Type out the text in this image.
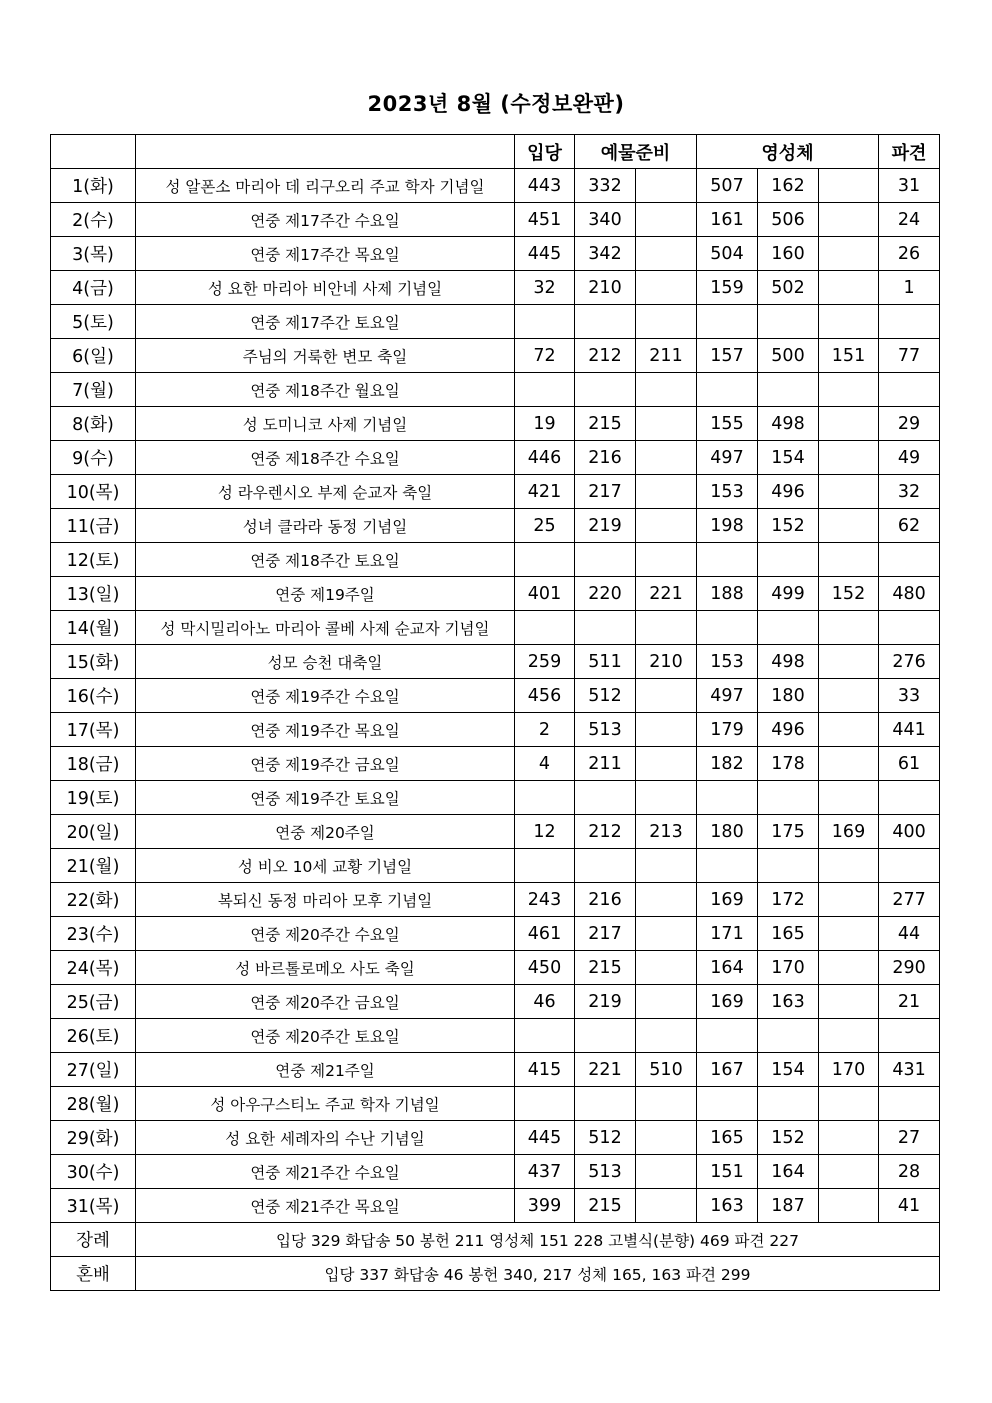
2023년 8월 (수정보완판)
		입당	예물준비		영성체			파견
1(화)	성 알폰소 마리아 데 리구오리 주교 학자 기념일	443	332		507	162		31
2(수)	연중 제17주간 수요일	451	340		161	506		24
3(목)	연중 제17주간 목요일	445	342		504	160		26
4(금)	성 요한 마리아 비안네 사제 기념일	32	210		159	502		1
5(토)	연중 제17주간 토요일							
6(일)	주님의 거룩한 변모 축일	72	212	211	157	500	151	77
7(월)	연중 제18주간 월요일							
8(화)	성 도미니코 사제 기념일	19	215		155	498		29
9(수)	연중 제18주간 수요일	446	216		497	154		49
10(목)	성 라우렌시오 부제 순교자 축일	421	217		153	496		32
11(금)	성녀 클라라 동정 기념일	25	219		198	152		62
12(토)	연중 제18주간 토요일							
13(일)	연중 제19주일	401	220	221	188	499	152	480
14(월)	성 막시밀리아노 마리아 콜베 사제 순교자 기념일							
15(화)	성모 승천 대축일	259	511	210	153	498		276
16(수)	연중 제19주간 수요일	456	512		497	180		33
17(목)	연중 제19주간 목요일	2	513		179	496		441
18(금)	연중 제19주간 금요일	4	211		182	178		61
19(토)	연중 제19주간 토요일							
20(일)	연중 제20주일	12	212	213	180	175	169	400
21(월)	성 비오 10세 교황 기념일							
22(화)	복되신 동정 마리아 모후 기념일	243	216		169	172		277
23(수)	연중 제20주간 수요일	461	217		171	165		44
24(목)	성 바르톨로메오 사도 축일	450	215		164	170		290
25(금)	연중 제20주간 금요일	46	219		169	163		21
26(토)	연중 제20주간 토요일							
27(일)	연중 제21주일	415	221	510	167	154	170	431
28(월)	성 아우구스티노 주교 학자 기념일							
29(화)	성 요한 세례자의 수난 기념일	445	512		165	152		27
30(수)	연중 제21주간 수요일	437	513		151	164		28
31(목)	연중 제21주간 목요일	399	215		163	187		41
장례	입당 329 화답송 50 봉헌 211 영성체 151 228 고별식(분향) 469 파견 227							
혼배	입당 337 화답송 46 봉헌 340, 217 성체 165, 163 파견 299							
